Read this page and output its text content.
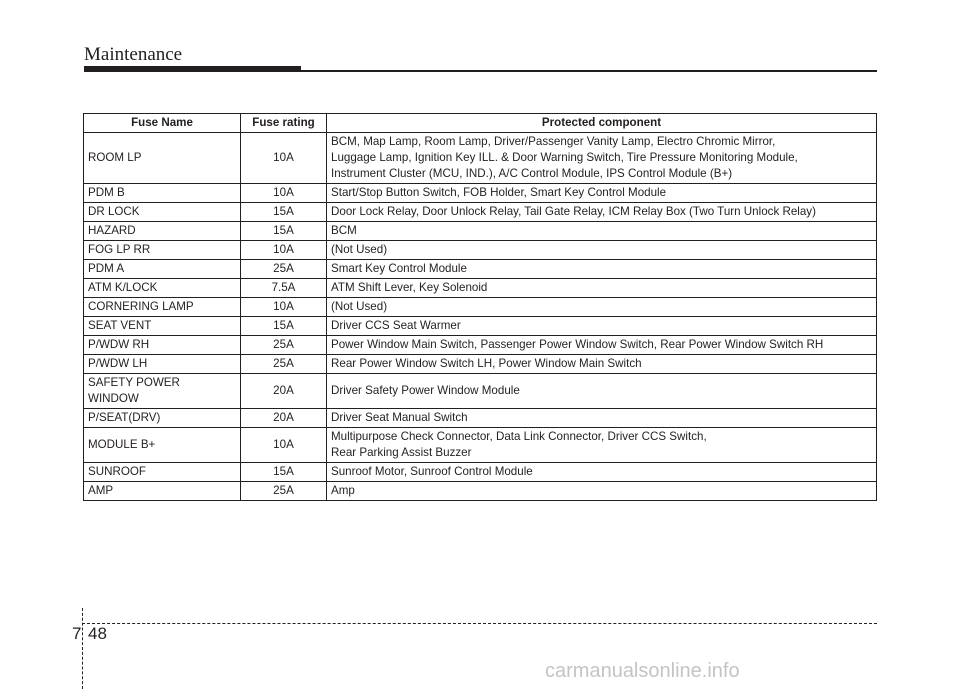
Maintenance
Fuse Name	Fuse rating	Protected component

ROOM LP	10A	BCM, Map Lamp, Room Lamp, Driver/Passenger Vanity Lamp, Electro Chromic Mirror,
Luggage Lamp, Ignition Key ILL. & Door Warning Switch, Tire Pressure Monitoring Module,
Instrument Cluster (MCU, IND.), A/C Control Module, IPS Control Module (B+)

PDM B	10A	Start/Stop Button Switch, FOB Holder, Smart Key Control Module

DR LOCK	15A	Door Lock Relay, Door Unlock Relay, Tail Gate Relay, ICM Relay Box (Two Turn Unlock Relay)

HAZARD	15A	BCM

FOG LP RR	10A	(Not Used)

PDM A	25A	Smart Key Control Module

ATM K/LOCK	7.5A	ATM Shift Lever, Key Solenoid

CORNERING LAMP	10A	(Not Used)

SEAT VENT	15A	Driver CCS Seat Warmer

P/WDW RH	25A	Power Window Main Switch, Passenger Power Window Switch, Rear Power Window Switch RH

P/WDW LH	25A	Rear Power Window Switch LH, Power Window Main Switch

SAFETY POWER
WINDOW	20A	Driver Safety Power Window Module

P/SEAT(DRV)	20A	Driver Seat Manual Switch

MODULE B+	10A	Multipurpose Check Connector, Data Link Connector, Driver CCS Switch,
Rear Parking Assist Buzzer

SUNROOF	15A	Sunroof Motor, Sunroof Control Module

AMP	25A	Amp
7 48
carmanualsonline.info
